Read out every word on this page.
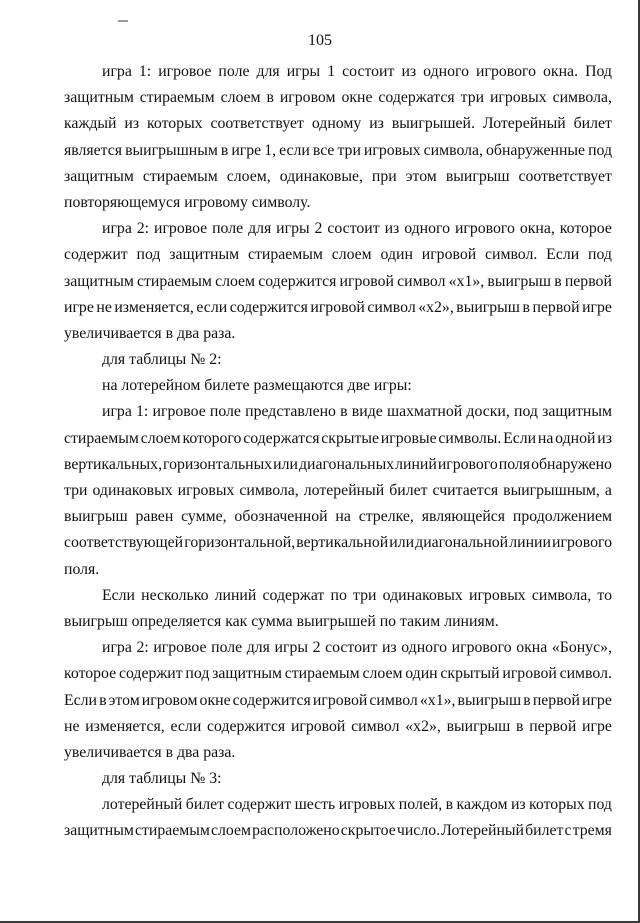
105
игра 1: игровое поле для игры 1 состоит из одного игрового окна. Под
защитным стираемым слоем в игровом окне содержатся три игровых символа,
каждый из которых соответствует одному из выигрышей. Лотерейный билет
является выигрышным в игре 1, если все три игровых символа, обнаруженные под
защитным стираемым слоем, одинаковые, при этом выигрыш соответствует
повторяющемуся игровому символу.
игра 2: игровое поле для игры 2 состоит из одного игрового окна, которое
содержит под защитным стираемым слоем один игровой символ. Если под
защитным стираемым слоем содержится игровой символ «x1», выигрыш в первой
игре не изменяется, если содержится игровой символ «x2», выигрыш в первой игре
увеличивается в два раза.
для таблицы № 2:
на лотерейном билете размещаются две игры:
игра 1: игровое поле представлено в виде шахматной доски, под защитным
стираемым слоем которого содержатся скрытые игровые символы. Если на одной из
вертикальных, горизонтальных или диагональных линий игрового поля обнаружено
три одинаковых игровых символа, лотерейный билет считается выигрышным, а
выигрыш равен сумме, обозначенной на стрелке, являющейся продолжением
соответствующей горизонтальной, вертикальной или диагональной линии игрового
поля.
Если несколько линий содержат по три одинаковых игровых символа, то
выигрыш определяется как сумма выигрышей по таким линиям.
игра 2: игровое поле для игры 2 состоит из одного игрового окна «Бонус»,
которое содержит под защитным стираемым слоем один скрытый игровой символ.
Если в этом игровом окне содержится игровой символ «x1», выигрыш в первой игре
не изменяется, если содержится игровой символ «x2», выигрыш в первой игре
увеличивается в два раза.
для таблицы № 3:
лотерейный билет содержит шесть игровых полей, в каждом из которых под
защитным стираемым слоем расположено скрытое число. Лотерейный билет с тремя
